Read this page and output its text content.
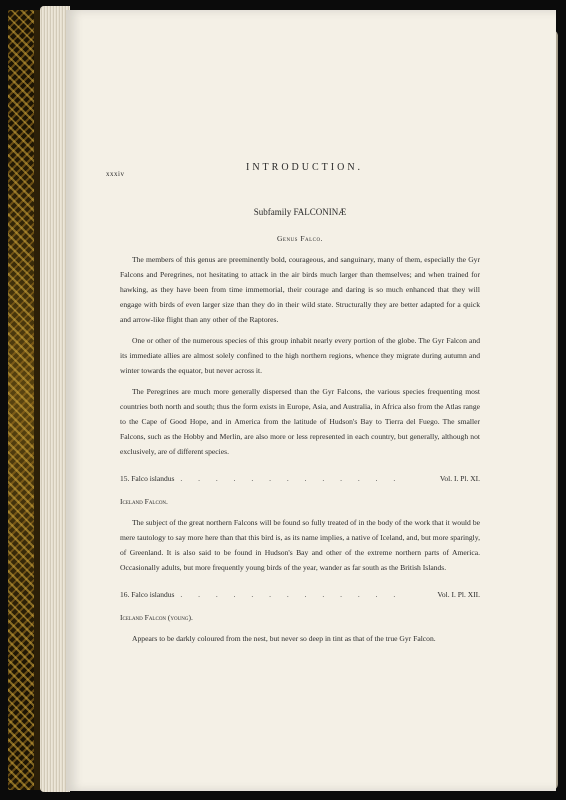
xxxiv
INTRODUCTION.
Subfamily FALCONINÆ
Genus Falco.

The members of this genus are preeminently bold, courageous, and sanguinary, many of them, especially the Gyr Falcons and Peregrines, not hesitating to attack in the air birds much larger than themselves; and when trained for hawking, as they have been from time immemorial, their courage and daring is so much enhanced that they will engage with birds of even larger size than they do in their wild state. Structurally they are better adapted for a quick and arrow-like flight than any other of the Raptores.

One or other of the numerous species of this group inhabit nearly every portion of the globe. The Gyr Falcon and its immediate allies are almost solely confined to the high northern regions, whence they migrate during autumn and winter towards the equator, but never across it.

The Peregrines are much more generally dispersed than the Gyr Falcons, the various species frequenting most countries both north and south; thus the form exists in Europe, Asia, and Australia, in Africa also from the Atlas range to the Cape of Good Hope, and in America from the latitude of Hudson's Bay to Tierra del Fuego. The smaller Falcons, such as the Hobby and Merlin, are also more or less represented in each country, but generally, although not exclusively, are of different species.

15. Falco islandus . . . . . . . . . . . . .	Vol. I. Pl. XI.
Iceland Falcon.

The subject of the great northern Falcons will be found so fully treated of in the body of the work that it would be mere tautology to say more here than that this bird is, as its name implies, a native of Iceland, and, but more sparingly, of Greenland. It is also said to be found in Hudson's Bay and other of the extreme northern parts of America. Occasionally adults, but more frequently young birds of the year, wander as far south as the British Islands.

16. Falco islandus . . . . . . . . . . . . .	Vol. I. Pl. XII.
Iceland Falcon (young).

Appears to be darkly coloured from the nest, but never so deep in tint as that of the true Gyr Falcon.
